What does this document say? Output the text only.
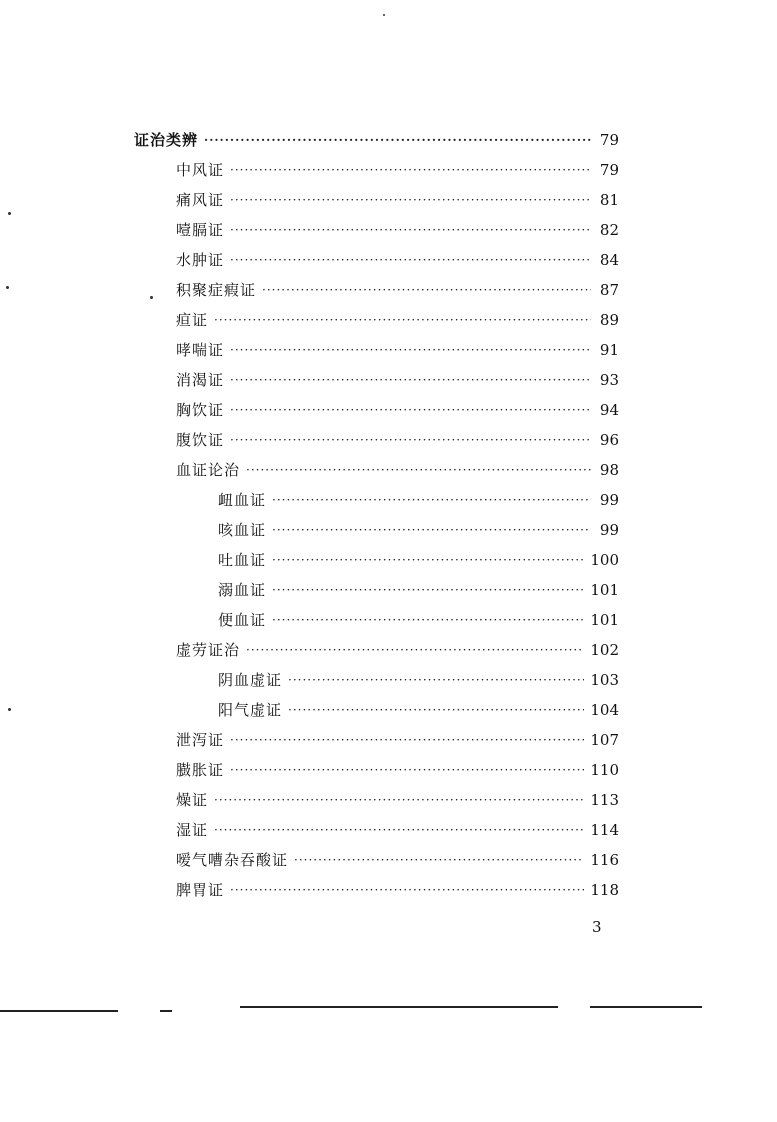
证治类辨 ·····	79
中风证 ·····	79
痛风证 ·····	81
噎膈证 ·····	82
水肿证 ·····	84
积聚症瘕证 ·····	87
疸证 ·····	89
哮喘证 ·····	91
消渴证 ·····	93
胸饮证 ·····	94
腹饮证 ·····	96
血证论治 ·····	98
衄血证 ·····	99
咳血证 ·····	99
吐血证 ·····	100
溺血证 ·····	101
便血证 ·····	101
虚劳证治 ·····	102
阴血虚证 ·····	103
阳气虚证 ·····	104
泄泻证 ·····	107
臌胀证 ·····	110
燥证 ·····	113
湿证 ·····	114
嗳气嘈杂吞酸证 ·····	116
脾胃证 ·····	118
3
